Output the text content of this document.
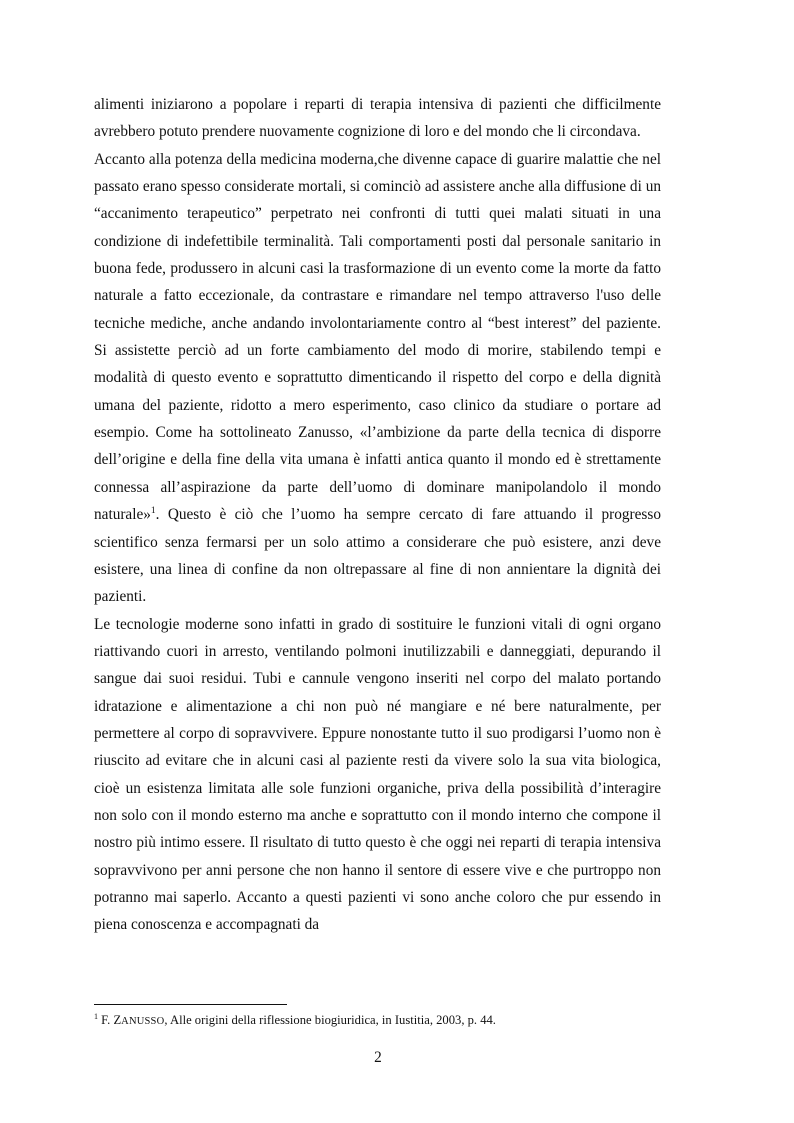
alimenti iniziarono a popolare i reparti di terapia intensiva di pazienti che difficilmente avrebbero potuto prendere nuovamente cognizione di loro e del mondo che li circondava.

Accanto alla potenza della medicina moderna,che divenne capace di guarire malattie che nel passato erano spesso considerate mortali, si cominciò ad assistere anche alla diffusione di un “accanimento terapeutico” perpetrato nei confronti di tutti quei malati situati in una condizione di indefettibile terminalità. Tali comportamenti posti dal personale sanitario in buona fede, produssero in alcuni casi la trasformazione di un evento come la morte da fatto naturale a fatto eccezionale, da contrastare e rimandare nel tempo attraverso l'uso delle tecniche mediche, anche andando involontariamente contro al “best interest” del paziente. Si assistette perciò ad un forte cambiamento del modo di morire, stabilendo tempi e modalità di questo evento e soprattutto dimenticando il rispetto del corpo e della dignità umana del paziente, ridotto a mero esperimento, caso clinico da studiare o portare ad esempio. Come ha sottolineato Zanusso, «l’ambizione da parte della tecnica di disporre dell’origine e della fine della vita umana è infatti antica quanto il mondo ed è strettamente connessa all’aspirazione da parte dell’uomo di dominare manipolandolo il mondo naturale»$^1$. Questo è ciò che l’uomo ha sempre cercato di fare attuando il progresso scientifico senza fermarsi per un solo attimo a considerare che può esistere, anzi deve esistere, una linea di confine da non oltrepassare al fine di non annientare la dignità dei pazienti.

Le tecnologie moderne sono infatti in grado di sostituire le funzioni vitali di ogni organo riattivando cuori in arresto, ventilando polmoni inutilizzabili e danneggiati, depurando il sangue dai suoi residui. Tubi e cannule vengono inseriti nel corpo del malato portando idratazione e alimentazione a chi non può né mangiare e né bere naturalmente, per permettere al corpo di sopravvivere. Eppure nonostante tutto il suo prodigarsi l’uomo non è riuscito ad evitare che in alcuni casi al paziente resti da vivere solo la sua vita biologica, cioè un esistenza limitata alle sole funzioni organiche, priva della possibilità d’interagire non solo con il mondo esterno ma anche e soprattutto con il mondo interno che compone il nostro più intimo essere. Il risultato di tutto questo è che oggi nei reparti di terapia intensiva sopravvivono per anni persone che non hanno il sentore di essere vive e che purtroppo non potranno mai saperlo. Accanto a questi pazienti vi sono anche coloro che pur essendo in piena conoscenza e accompagnati da

$^1$ F. ZANUSSO, Alle origini della riflessione biogiuridica, in Iustitia, 2003, p. 44.
2
